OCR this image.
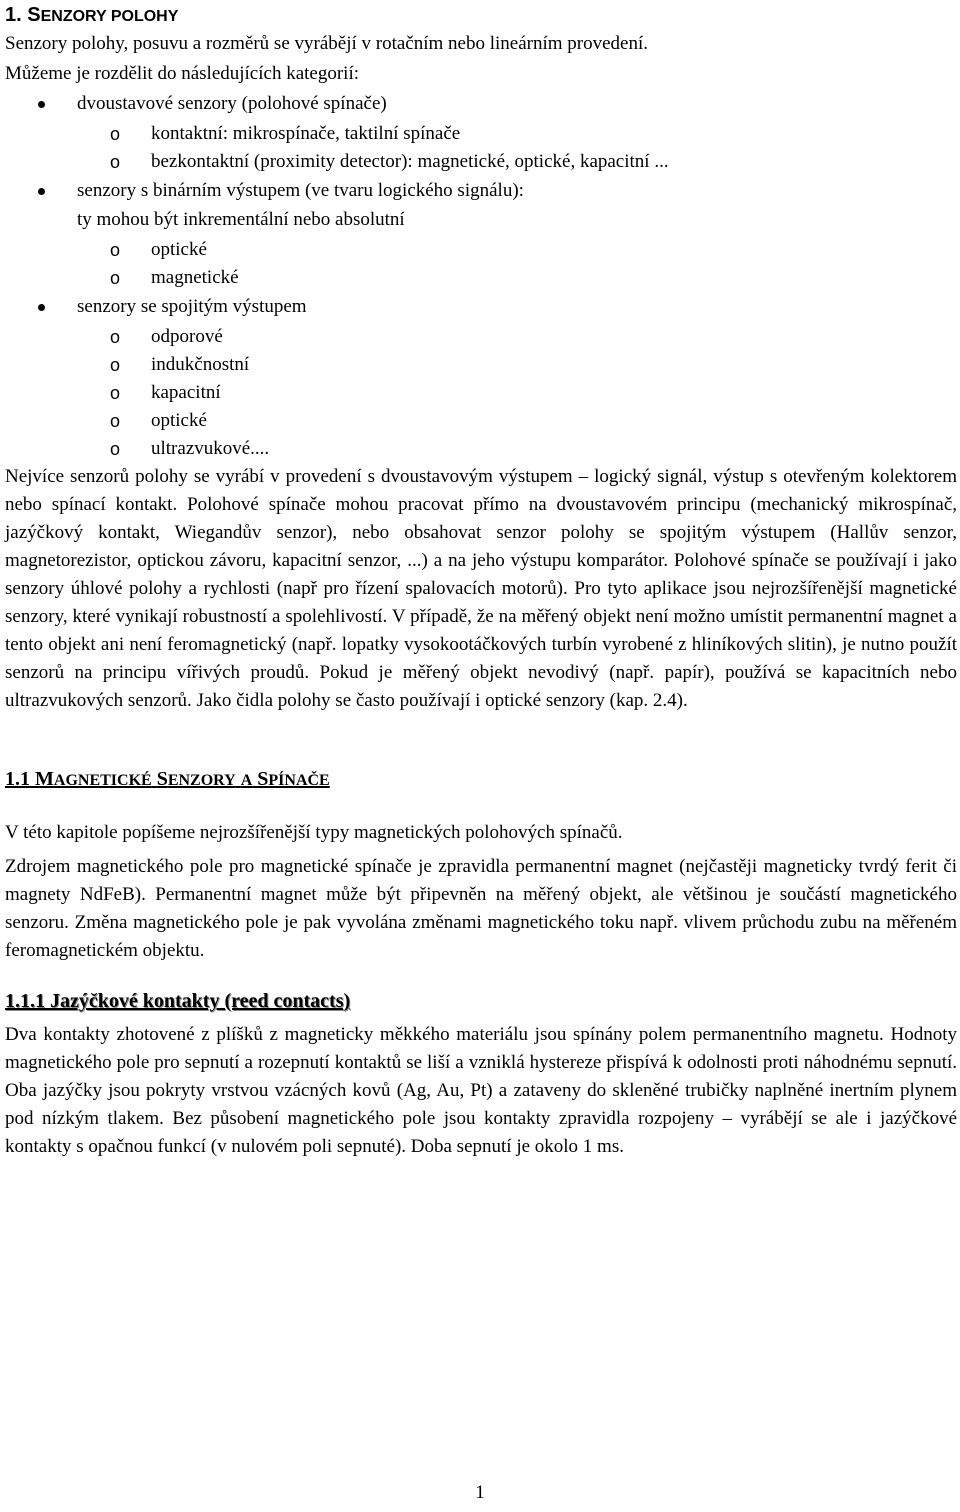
1. SENZORY POLOHY

Senzory polohy, posuvu a rozměrů se vyrábějí v rotačním nebo lineárním provedení.

Můžeme je rozdělit do následujících kategorií:

dvoustavové senzory (polohové spínače)
o kontaktní: mikrospínače, taktilní spínače
o bezkontaktní (proximity detector): magnetické, optické, kapacitní ...
senzory s binárním výstupem (ve tvaru logického signálu):
ty mohou být inkrementální nebo absolutní
o optické
o magnetické
senzory se spojitým výstupem
o odporové
o indukčnostní
o kapacitní
o optické
o ultrazvukové....

Nejvíce senzorů polohy se vyrábí v provedení s dvoustavovým výstupem – logický signál, výstup s otevřeným kolektorem nebo spínací kontakt. Polohové spínače mohou pracovat přímo na dvoustavovém principu (mechanický mikrospínač, jazýčkový kontakt, Wiegandův senzor), nebo obsahovat senzor polohy se spojitým výstupem (Hallův senzor, magnetorezistor, optickou závoru, kapacitní senzor, ...) a na jeho výstupu komparátor. Polohové spínače se používají i jako senzory úhlové polohy a rychlosti (např pro řízení spalovacích motorů). Pro tyto aplikace jsou nejrozšířenější magnetické senzory, které vynikají robustností a spolehlivostí. V případě, že na měřený objekt není možno umístit permanentní magnet a tento objekt ani není feromagnetický (např. lopatky vysokootáčkových turbín vyrobené z hliníkových slitin), je nutno použít senzorů na principu vířivých proudů. Pokud je měřený objekt nevodivý (např. papír), používá se kapacitních nebo ultrazvukových senzorů. Jako čidla polohy se často používají i optické senzory (kap. 2.4).

1.1 MAGNETICKÉ SENZORY A SPÍNAČE

V této kapitole popíšeme nejrozšířenější typy magnetických polohových spínačů.

Zdrojem magnetického pole pro magnetické spínače je zpravidla permanentní magnet (nejčastěji magneticky tvrdý ferit či magnety NdFeB). Permanentní magnet může být připevněn na měřený objekt, ale většinou je součástí magnetického senzoru. Změna magnetického pole je pak vyvolána změnami magnetického toku např. vlivem průchodu zubu na měřeném feromagnetickém objektu.

1.1.1 Jazýčkové kontakty (reed contacts)

Dva kontakty zhotovené z plíšků z magneticky měkkého materiálu jsou spínány polem permanentního magnetu. Hodnoty magnetického pole pro sepnutí a rozepnutí kontaktů se liší a vzniklá hystereze přispívá k odolnosti proti náhodnému sepnutí. Oba jazýčky jsou pokryty vrstvou vzácných kovů (Ag, Au, Pt) a zataveny do skleněné trubičky naplněné inertním plynem pod nízkým tlakem. Bez působení magnetického pole jsou kontakty zpravidla rozpojeny – vyrábějí se ale i jazýčkové kontakty s opačnou funkcí (v nulovém poli sepnuté). Doba sepnutí je okolo 1 ms.

1
